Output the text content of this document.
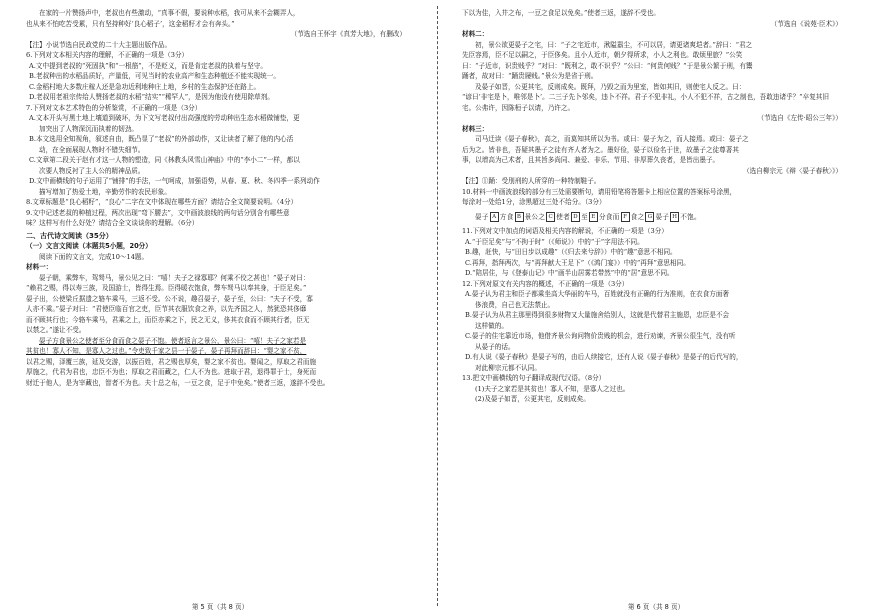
在家的一片赞扬声中，老叔也有些激动，“真事不假，要说种水稻，我可从来不会糊弄人，

也从来不怕吃苦受累，只有坚持种好‘良心稻子’，这金稻籽才会有奔头。”

（节选自王怀宇《真芳大地》，有删改）

【注】小说节选自民政党的二十大主题出版作品。

6.下列对文本相关内容的理解，不正确的一项是（3分）

A.文中提到老叔的“死固执”和“一根筋”，不是贬义，而是肯定老叔的执着与坚守。

B.老叔种出的水稻品质好，产量低，可见当时的农业高产和生态种植还不能实现统一。

C.金稻村地大多数庄稼人还是急功近利地种庄上地，乡村的生态保护还在路上。

D.老叔用老祖宗传给人赞扬老叔的水稻“结实”“稀罕人”，是因为他没有使用除草剂。

7.下列对文本艺术特色的分析鉴赏，不正确的一项是（3分）

A.文本开头写黑土地上壤道到破坏，为下文写老叔付出高强度的劳动种出生态水稻做铺垫，更

加突出了人物深沉而执着的韧劲。

B.本文选用全知视角，叙述自由，既凸显了“老叔”的外部动作，又让读者了解了他的内心活

动，在全面展现人物时不错失细节。

C.文章第二段关于赵有才这一人物的塑造，同《林教头风雪山神庙》中的“李小二”一样，都以

次要人物反衬了主人公的精神品质。

D.文中画横线的句子运用了“铺排”的手法，一气呵成，加强语势，从春、夏、秋、冬四季一系列动作

描写增加了热爱土地，辛勤劳作的农民形象。

8.文章标题是“良心稻籽”，“良心”二字在文中体现在哪些方面？请结合全文简要说明。（4分）

9.文中记述老叔的种植过程，两次出现“弯下腰去”，文中画波浪线的两句话分别含有哪些意

味？这样写有什么好处？请结合全文谈谈你的理解。（6分）

二、古代诗文阅读（35分）

（一）文言文阅读（本题共5小题，20分）

阅读下面的文言文，完成10～14题。

材料一：

晏子朝，乘弊车，驾驽马，景公见之曰：“嘻！夫子之禄寡耶？何乘不佼之甚也！”晏子对曰：

“赖君之赐，得以寿三族，及国游士，皆得生焉。臣得暖衣饱食，弊车驽马以奉其身，于臣足矣。”

晏子出，公使梁丘据遗之辂车乘马，三返不受。公不说，趣召晏子，晏子至，公曰：“夫子不受，寡

人亦不乘。”晏子对曰：“君使臣临百官之吏，臣节其衣服饮食之养，以先齐国之人，然犹恐其侈靡

而不顾其行也；今辂车乘马，君乘之上，而臣亦乘之下，民之无义，侈其衣食而不顾其行者，臣无

以禁之。”遂让不受。

晏子方食景公之使者至分食而食之晏子不饱。使者返言之景公，景公曰：“嘻！夫子之家若是

其贫也！寡人不知，是寡人之过也。”令吏致千家之县一于晏子，晏子再拜而辞曰：“婴之家不贫，

以君之赐，泽覆三族，延及交游，以振百姓，君之赐也厚矣，婴之家不贫也。婴闻之，厚取之君而施

厚施之，代君为君也，忠臣不为也；厚取之君而藏之，仁人不为也。进取于君，退得罪于士，身死而

财迁于他人，是为宰藏也，智者不为也。夫十总之布，一豆之食，足于中免矣。”使者三返，遂辞不受也。

第 5 页（共 8 页）

下以为佳，入井之布，一豆之食足以免矣。”使者三返，遂辞不受也。

（节选自《说苑·臣术》）

材料二：

初，景公欲更晏子之宅，曰：“子之宅近市，湫隘嚣尘，不可以居，请更诸爽垲者。”辞曰：“君之

先臣容焉，臣不足以嗣之，于臣侈矣。且小人近市，朝夕得所求，小人之利也。敢烦里旅？”公笑

曰：“子近市，识贵贱乎？”对曰：“既利之，敢不识乎？”公曰：“何贵何贱？”于是景公繁于刑，有鬻

踊者，故对曰：“踊贵屦贱。”景公为是省于刑。

及晏子如晋，公更其宅，反则成矣。既拜，乃毁之而为里室，皆如其旧，则使宅人反之。曰：

“谚曰‘非宅是卜，唯邻是卜’。二三子先卜邻矣，违卜不祥。君子不犯非礼，小人不犯不祥，古之制也，吾敢违诸乎？”卒复其旧

宅。公弗许，因陈桓子以请，乃许之。

（节选自《左传·昭公三年》）

材料三：

司马迁读《晏子春秋》，高之，而莫知其所以为书。或曰：晏子为之，而人接焉。或曰：晏子之

后为之。皆非也，吾疑其墨子之徒有齐人者为之。墨好俭，晏子以俭名于世，故墨子之徒尊著其

事，以增高为己术者，且其旨多尚同、兼爱、非乐、节用、非厚葬久丧者，是皆出墨子。

（选自柳宗元《辩〈晏子春秋〉》）

【注】①踊：受刖刑的人所穿的一种特制鞋子。

10.材料一中画波浪线的部分有三处需要断句，请用铅笔将答题卡上相应位置的答案标号涂黑，

每涂对一处给1分，涂黑超过三处不给分。（3分）

晏子 A 方食 B 景公之 C 使者 D 至 E 分食而 F 食之 G 晏子 H 不饱。

11.下列对文中加点的词语及相关内容的解说，不正确的一项是（3分）

A.“于臣足矣”与“不拘于时”（《师说》）中的“于”字用法不同。

B.趣，赶快，与“田日步以成趣”（《归去来兮辞》）中的“趣”意思不相同。

C.再拜，指拜两次，与“再拜献大王足下”（《鸿门宴》）中的“再拜”意思相同。

D.“陪居住，与《登泰山记》中“画半山居雾若带然”中的“居”意思不同。

12.下列对原文有关内容的概述，不正确的一项是（3分）

A.晏子认为君主和臣子都乘坐高大华丽的车马，百姓就没有正确的行为准则，在衣食方面奢

侈浪费，自己也无法禁止。

B.晏子认为从君主那里得到很多财物又大量施舍给别人，这就是代替君主施恩，忠臣是不会

这样做的。

C.晏子的住宅靠近市场，他借齐景公询问物价贵贱的机会，进行劝谏，齐景公很生气，没有听

从晏子的话。

D.有人说《晏子春秋》是晏子写的，由后人续接它，还有人说《晏子春秋》是晏子的后代写的，

对此柳宗元都不认同。

13.把文中画横线的句子翻译成现代汉语。（8分）

(1)夫子之家若是其贫也！寡人不知，是寡人之过也。

(2)及晏子如晋，公更其宅，反则成矣。

第 6 页（共 8 页）
